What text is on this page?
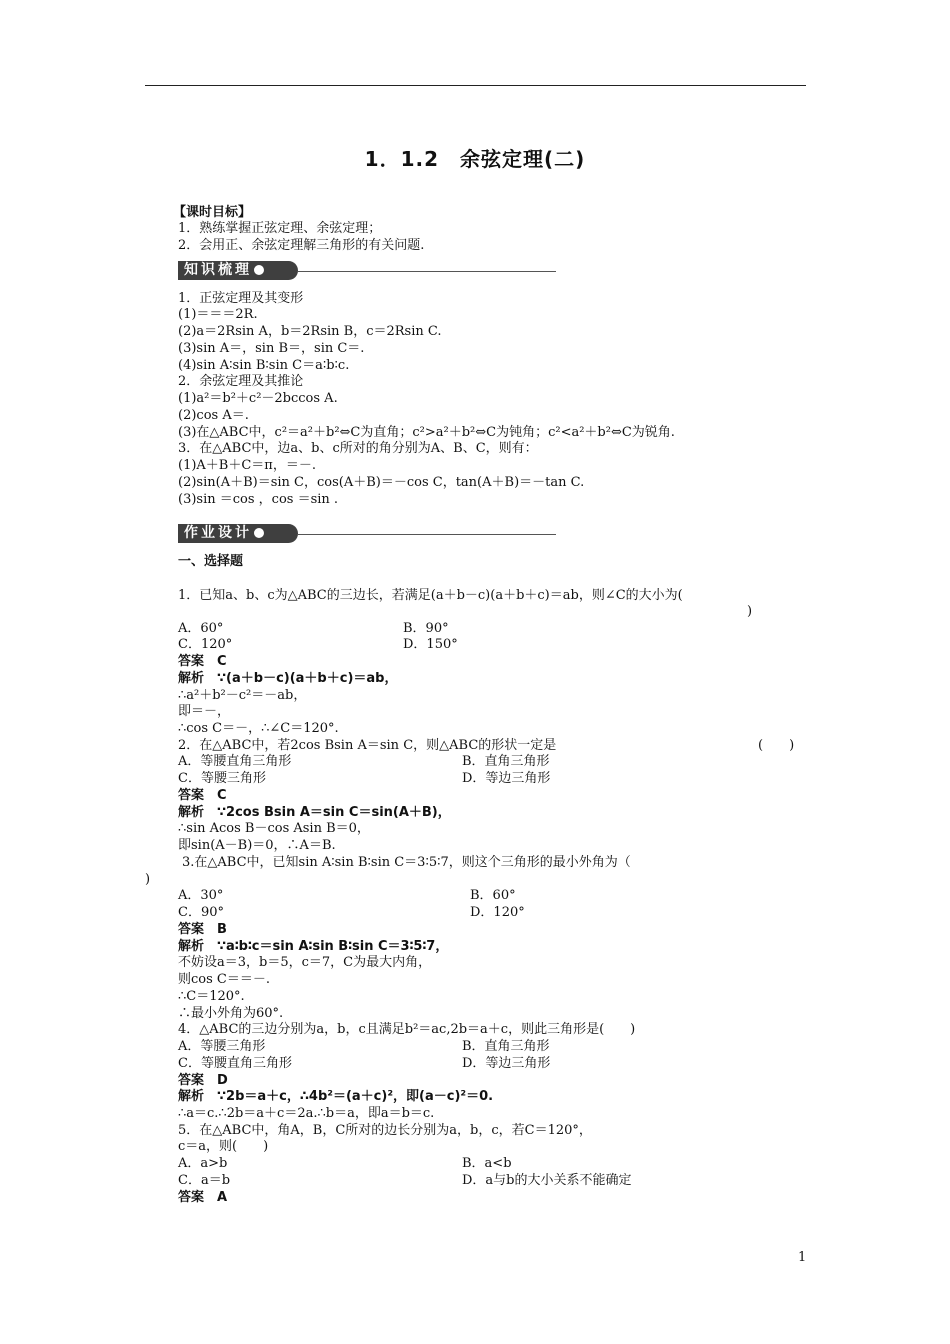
1．1.2　余弦定理(二)
知识梳理
作业设计
【课时目标】
1．熟练掌握正弦定理、余弦定理；
2．会用正、余弦定理解三角形的有关问题.
1．正弦定理及其变形
(1)＝＝＝2R.
(2)a＝2Rsin A，b＝2Rsin B，c＝2Rsin C.
(3)sin A＝，sin B＝，sin C＝.
(4)sin A∶sin B∶sin C＝a∶b∶c.
2．余弦定理及其推论
(1)a²＝b²＋c²－2bccos A.
(2)cos A＝.
(3)在△ABC中，c²＝a²＋b²⇔C为直角；c²>a²＋b²⇔C为钝角；c²<a²＋b²⇔C为锐角.
3．在△ABC中，边a、b、c所对的角分别为A、B、C，则有：
(1)A＋B＋C＝π，＝－.
(2)sin(A＋B)＝sin C，cos(A＋B)＝－cos C，tan(A＋B)＝－tan C.
(3)sin ＝cos ，cos ＝sin .
一、选择题
1．已知a、b、c为△ABC的三边长，若满足(a＋b－c)(a＋b＋c)＝ab，则∠C的大小为(
)
A．60°	B．90°
C．120°	D．150°
答案　C
解析　∵(a＋b－c)(a＋b＋c)＝ab，
∴a²＋b²－c²＝－ab，
即＝－，
∴cos C＝－，∴∠C＝120°.
2．在△ABC中，若2cos Bsin A＝sin C，则△ABC的形状一定是	(　　)
A．等腰直角三角形	B．直角三角形
C．等腰三角形	D．等边三角形
答案　C
解析　∵2cos Bsin A＝sin C＝sin(A＋B)，
∴sin Acos B－cos Asin B＝0，
即sin(A－B)＝0，∴A＝B.
3.在△ABC中，已知sin A∶sin B∶sin C＝3∶5∶7，则这个三角形的最小外角为（
)
A．30°	B．60°
C．90°	D．120°
答案　B
解析　∵a∶b∶c＝sin A∶sin B∶sin C＝3∶5∶7，
不妨设a＝3，b＝5，c＝7，C为最大内角，
则cos C＝＝－.
∴C＝120°.
∴最小外角为60°.
4．△ABC的三边分别为a，b，c且满足b²＝ac,2b＝a＋c，则此三角形是(　　)
A．等腰三角形	B．直角三角形
C．等腰直角三角形	D．等边三角形
答案　D
解析　∵2b＝a＋c，∴4b²＝(a＋c)²，即(a－c)²＝0.
∴a＝c.∴2b＝a＋c＝2a.∴b＝a，即a＝b＝c.
5．在△ABC中，角A，B，C所对的边长分别为a，b，c，若C＝120°，
c＝a，则(　　)
A．a>b	B．a<b
C．a＝b	D．a与b的大小关系不能确定
答案　A
1
